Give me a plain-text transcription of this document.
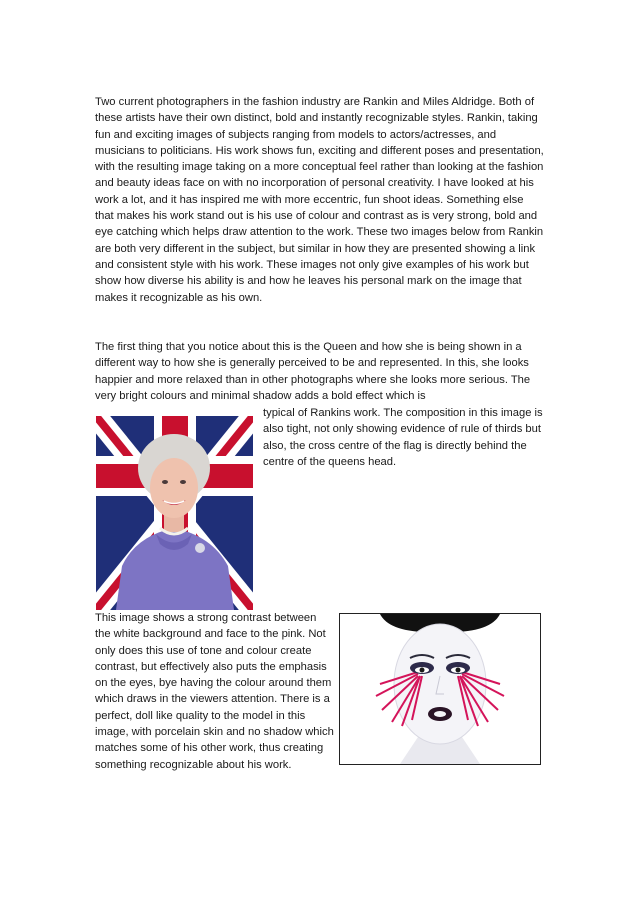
Two current photographers in the fashion industry are Rankin and Miles Aldridge. Both of these artists have their own distinct, bold and instantly recognizable styles. Rankin, taking fun and exciting images of subjects ranging from models to actors/actresses, and musicians to politicians. His work shows fun, exciting and different poses and presentation, with the resulting image taking on a more conceptual feel rather than looking at the fashion and beauty ideas face on with no incorporation of personal creativity. I have looked at his work a lot, and it has inspired me with more eccentric, fun shoot ideas. Something else that makes his work stand out is his use of colour and contrast as is very strong, bold and eye catching which helps draw attention to the work. These two images below from Rankin are both very different in the subject, but similar in how they are presented showing a link and consistent style with his work. These images not only give examples of his work but show how diverse his ability is and how he leaves his personal mark on the image that makes it recognizable as his own.

The first thing that you notice about this is the Queen and how she is being shown in a different way to how she is generally perceived to be and represented. In this, she looks happier and more relaxed than in other photographs where she looks more serious. The very bright colours and minimal shadow adds a bold effect which is

typical of Rankins work. The composition in this image is also tight, not only showing evidence of rule of thirds but also, the cross centre of the flag is directly behind the centre of the queens head.

This image shows a strong contrast between the white background and face to the pink. Not only does this use of tone and colour create contrast, but effectively also puts the emphasis on the eyes, bye having the colour around them which draws in the viewers attention. There is a perfect, doll like quality to the model in this image, with porcelain skin and no shadow which matches some of his other work, thus creating something recognizable about his work.
